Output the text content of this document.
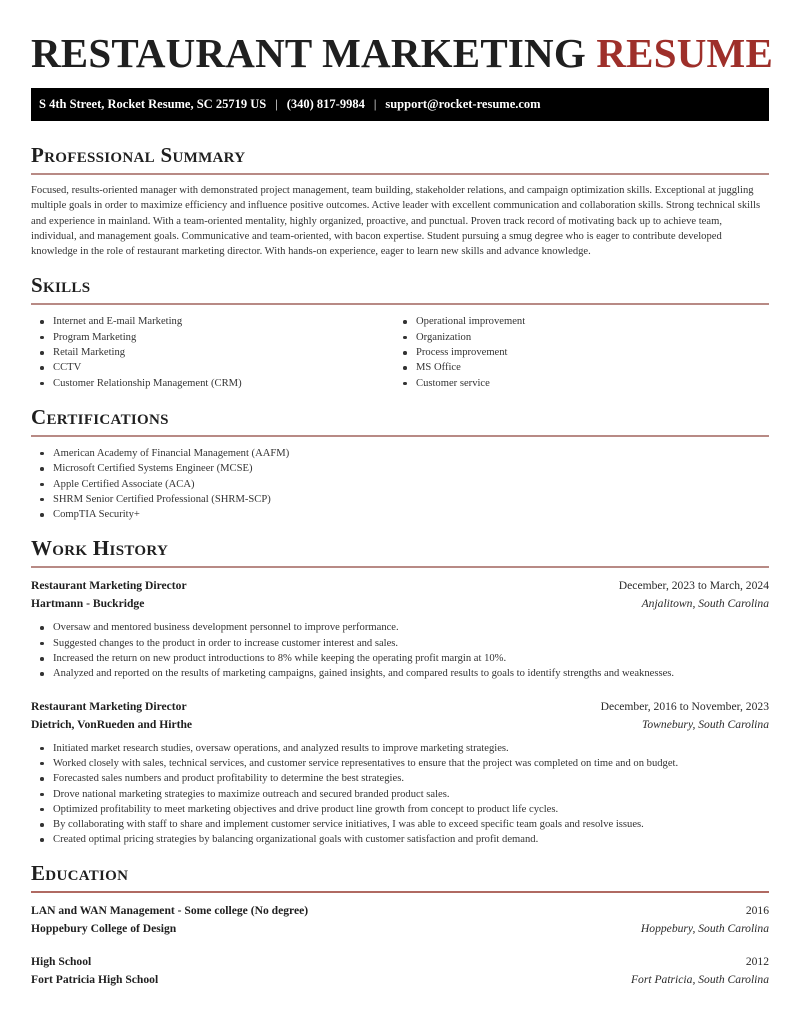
RESTAURANT MARKETING RESUME
S 4th Street, Rocket Resume, SC 25719 US | (340) 817-9984 | support@rocket-resume.com
Professional Summary

Focused, results-oriented manager with demonstrated project management, team building, stakeholder relations, and campaign optimization skills. Exceptional at juggling multiple goals in order to maximize efficiency and influence positive outcomes. Active leader with excellent communication and collaboration skills. Strong technical skills and experience in mainland. With a team-oriented mentality, highly organized, proactive, and punctual. Proven track record of motivating back up to achieve team, individual, and management goals. Communicative and team-oriented, with bacon expertise. Student pursuing a smug degree who is eager to contribute developed knowledge in the role of restaurant marketing director. With hands-on experience, eager to learn new skills and advance knowledge.

Skills
Internet and E-mail Marketing
Program Marketing
Retail Marketing
CCTV
Customer Relationship Management (CRM)
Operational improvement
Organization
Process improvement
MS Office
Customer service
Certifications
American Academy of Financial Management (AAFM)
Microsoft Certified Systems Engineer (MCSE)
Apple Certified Associate (ACA)
SHRM Senior Certified Professional (SHRM-SCP)
CompTIA Security+
Work History
Restaurant Marketing Director	December, 2023 to March, 2024
Hartmann - Buckridge	Anjalitown, South Carolina
Oversaw and mentored business development personnel to improve performance.
Suggested changes to the product in order to increase customer interest and sales.
Increased the return on new product introductions to 8% while keeping the operating profit margin at 10%.
Analyzed and reported on the results of marketing campaigns, gained insights, and compared results to goals to identify strengths and weaknesses.
Restaurant Marketing Director	December, 2016 to November, 2023
Dietrich, VonRueden and Hirthe	Townebury, South Carolina
Initiated market research studies, oversaw operations, and analyzed results to improve marketing strategies.
Worked closely with sales, technical services, and customer service representatives to ensure that the project was completed on time and on budget.
Forecasted sales numbers and product profitability to determine the best strategies.
Drove national marketing strategies to maximize outreach and secured branded product sales.
Optimized profitability to meet marketing objectives and drive product line growth from concept to product life cycles.
By collaborating with staff to share and implement customer service initiatives, I was able to exceed specific team goals and resolve issues.
Created optimal pricing strategies by balancing organizational goals with customer satisfaction and profit demand.
Education
LAN and WAN Management - Some college (No degree)	2016
Hoppebury College of Design	Hoppebury, South Carolina
High School	2012
Fort Patricia High School	Fort Patricia, South Carolina
